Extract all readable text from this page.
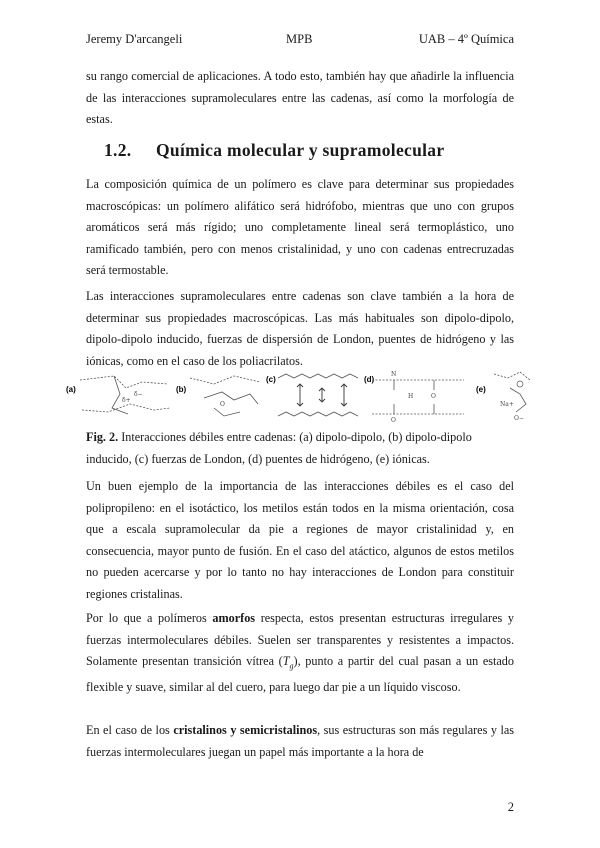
Jeremy D'arcangeli	MPB	UAB – 4º Química

su rango comercial de aplicaciones. A todo esto, también hay que añadirle la influencia de las interacciones supramoleculares entre las cadenas, así como la morfología de estas.

1.2. Química molecular y supramolecular

La composición química de un polímero es clave para determinar sus propiedades macroscópicas: un polímero alifático será hidrófobo, mientras que uno con grupos aromáticos será más rígido; uno completamente lineal será termoplástico, uno ramificado también, pero con menos cristalinidad, y uno con cadenas entrecruzadas será termostable.

Las interacciones supramoleculares entre cadenas son clave también a la hora de determinar sus propiedades macroscópicas. Las más habituales son dipolo-dipolo, dipolo-dipolo inducido, fuerzas de dispersión de London, puentes de hidrógeno y las iónicas, como en el caso de los poliacrilatos.

(a)
δ+
δ−
(b)
O
(c)	(d)
N
O
H
O
(e)
Na+
O−
Fig. 2. Interacciones débiles entre cadenas: (a) dipolo-dipolo, (b) dipolo-dipolo inducido, (c) fuerzas de London, (d) puentes de hidrógeno, (e) iónicas.

Un buen ejemplo de la importancia de las interacciones débiles es el caso del polipropileno: en el isotáctico, los metilos están todos en la misma orientación, cosa que a escala supramolecular da pie a regiones de mayor cristalinidad y, en consecuencia, mayor punto de fusión. En el caso del atáctico, algunos de estos metilos no pueden acercarse y por lo tanto no hay interacciones de London para constituir regiones cristalinas.

Por lo que a polímeros amorfos respecta, estos presentan estructuras irregulares y fuerzas intermoleculares débiles. Suelen ser transparentes y resistentes a impactos. Solamente presentan transición vítrea $(T_g)$, punto a partir del cual pasan a un estado flexible y suave, similar al del cuero, para luego dar pie a un líquido viscoso.

En el caso de los cristalinos y semicristalinos, sus estructuras son más regulares y las fuerzas intermoleculares juegan un papel más importante a la hora de

2
